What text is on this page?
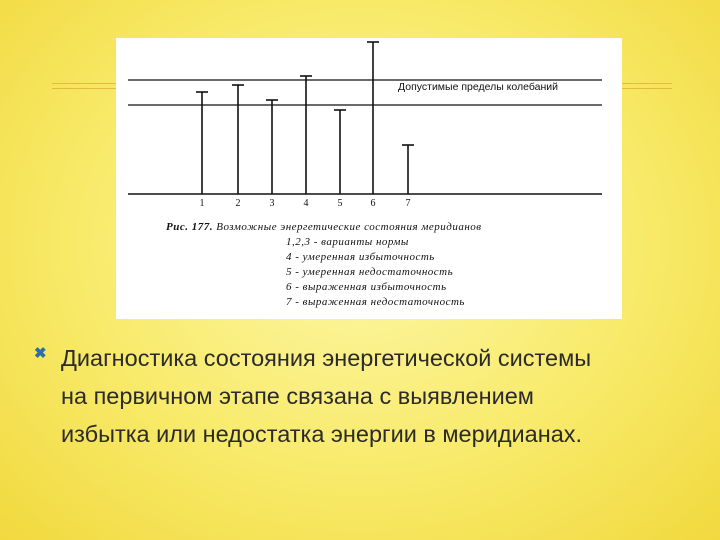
1	2	3	4	5	6	7
Допустимые пределы колебаний
Рис. 177. Возможные энергетические состояния меридианов
1,2,3 - варианты нормы
4 - умеренная избыточность
5 - умеренная недостаточность
6 - выраженная избыточность
7 - выраженная недостаточность
✖ Диагностика состояния энергетической системы
на первичном этапе связана с выявлением
избытка или недостатка энергии в меридианах.
